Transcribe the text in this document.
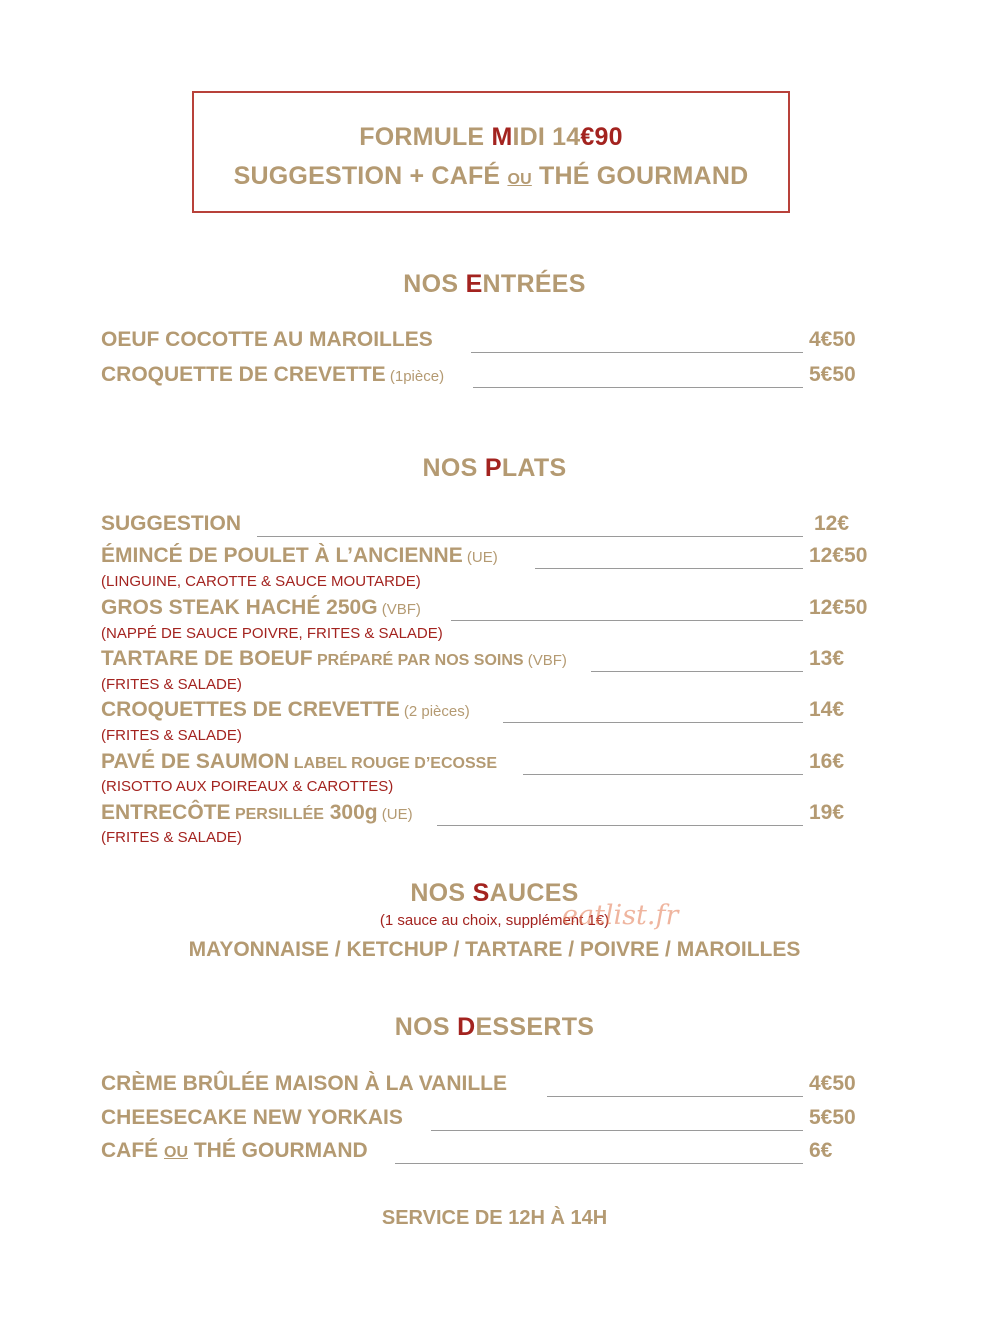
FORMULE MIDI 14€90
SUGGESTION + CAFÉ OU THÉ GOURMAND
NOS ENTRÉES
OEUF COCOTTE AU MAROILLES	4€50
CROQUETTE DE CREVETTE (1pièce)	5€50
NOS PLATS
SUGGESTION	12€
ÉMINCÉ DE POULET À L’ANCIENNE (UE)	12€50
(LINGUINE, CAROTTE & SAUCE MOUTARDE)
GROS STEAK HACHÉ 250G (VBF)	12€50
(NAPPÉ DE SAUCE POIVRE, FRITES & SALADE)
TARTARE DE BOEUF PRÉPARÉ PAR NOS SOINS (VBF)	13€
(FRITES & SALADE)
CROQUETTES DE CREVETTE (2 pièces)	14€
(FRITES & SALADE)
PAVÉ DE SAUMON LABEL ROUGE D’ECOSSE	16€
(RISOTTO AUX POIREAUX & CAROTTES)
ENTRECÔTE PERSILLÉE 300g (UE)	19€
(FRITES & SALADE)
NOS SAUCES
(1 sauce au choix, supplément 1€)
MAYONNAISE / KETCHUP / TARTARE / POIVRE / MAROILLES
eatlist.fr
NOS DESSERTS
CRÈME BRÛLÉE MAISON À LA VANILLE	4€50
CHEESECAKE NEW YORKAIS	5€50
CAFÉ OU THÉ GOURMAND	6€
SERVICE DE 12H À 14H
